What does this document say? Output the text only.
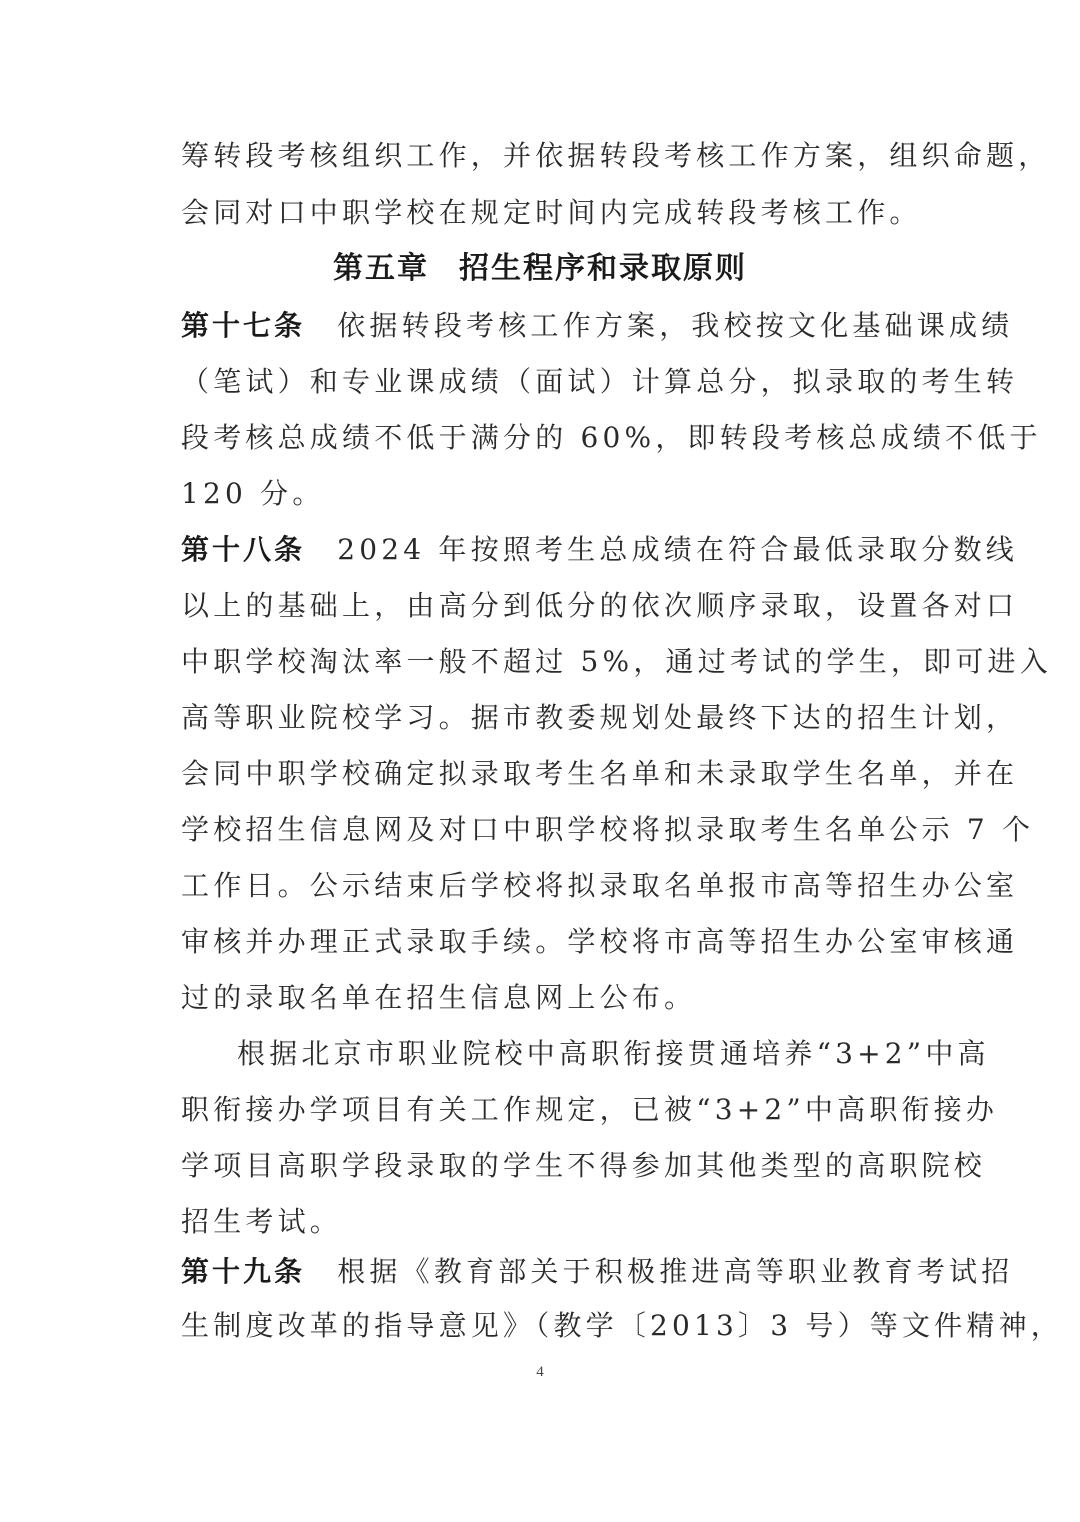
筹转段考核组织工作，并依据转段考核工作方案，组织命题，
会同对口中职学校在规定时间内完成转段考核工作。
第五章 招生程序和录取原则
第十七条　 依据转段考核工作方案，我校按文化基础课成绩
（笔试）和专业课成绩（面试）计算总分，拟录取的考生转
段考核总成绩不低于满分的 60%，即转段考核总成绩不低于
120 分。
第十八条　 2024 年按照考生总成绩在符合最低录取分数线
以上的基础上，由高分到低分的依次顺序录取，设置各对口
中职学校淘汰率一般不超过 5%，通过考试的学生，即可进入
高等职业院校学习。据市教委规划处最终下达的招生计划，
会同中职学校确定拟录取考生名单和未录取学生名单，并在
学校招生信息网及对口中职学校将拟录取考生名单公示 7 个
工作日。公示结束后学校将拟录取名单报市高等招生办公室
审核并办理正式录取手续。学校将市高等招生办公室审核通
过的录取名单在招生信息网上公布。
根据北京市职业院校中高职衔接贯通培养“3+2”中高
职衔接办学项目有关工作规定，已被“3+2”中高职衔接办
学项目高职学段录取的学生不得参加其他类型的高职院校
招生考试。
第十九条　 根据《教育部关于积极推进高等职业教育考试招
生制度改革的指导意见》（教学〔2013〕3 号）等文件精神，
4
